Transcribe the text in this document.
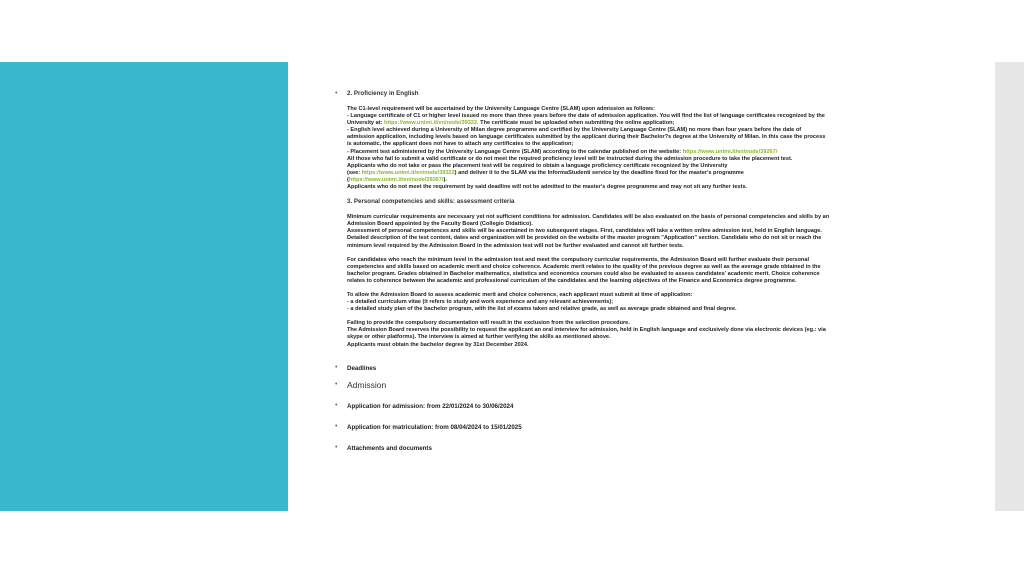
• 2. Proficiency in English
The C1-level requirement will be ascertained by the University Language Centre (SLAM) upon admission as follows:
- Language certificate of C1 or higher level issued no more than three years before the date of admission application. You will find the list of language certificates recognized by the
University at: https://www.unimi.it/en/node/39322. The certificate must be uploaded when submitting the online application;
- English level achieved during a University of Milan degree programme and certified by the University Language Centre (SLAM) no more than four years before the date of
admission application, including levels based on language certificates submitted by the applicant during their Bachelor?s degree at the University of Milan. In this case the process
is automatic, the applicant does not have to attach any certificates to the application;
- Placement test administered by the University Language Centre (SLAM) according to the calendar published on the website: https://www.unimi.it/en/node/39267/
All those who fail to submit a valid certificate or do not meet the required proficiency level will be instructed during the admission procedure to take the placement test.
Applicants who do not take or pass the placement test will be required to obtain a language proficiency certificate recognized by the University
(see: https://www.unimi.it/en/node/39322) and deliver it to the SLAM via the InformaStudenti service by the deadline fixed for the master's programme
(https://www.unimi.it/en/node/39267/).
Applicants who do not meet the requirement by said deadline will not be admitted to the master's degree programme and may not sit any further tests.
3. Personal competencies and skills: assessment criteria
Minimum curricular requirements are necessary yet not sufficient conditions for admission. Candidates will be also evaluated on the basis of personal competencies and skills by an
Admission Board appointed by the Faculty Board (Collegio Didattico).
Assessment of personal competences and skills will be ascertained in two subsequent stages. First, candidates will take a written online admission test, held in English language.
Detailed description of the test content, dates and organization will be provided on the website of the master program "Application" section. Candidate who do not sit or reach the
minimum level required by the Admission Board in the admission test will not be further evaluated and cannot sit further tests.
For candidates who reach the minimum level in the admission test and meet the compulsory curricular requirements, the Admission Board will further evaluate their personal
competencies and skills based on academic merit and choice coherence. Academic merit relates to the quality of the previous degree as well as the average grade obtained in the
bachelor program. Grades obtained in Bachelor mathematics, statistics and economics courses could also be evaluated to assess candidates' academic merit. Choice coherence
relates to coherence between the academic and professional curriculum of the candidates and the learning objectives of the Finance and Economics degree programme.
To allow the Admission Board to assess academic merit and choice coherence, each applicant must submit at time of application:
- a detailed curriculum vitae (it refers to study and work experience and any relevant achievements);
- a detailed study plan of the bachelor program, with the list of exams taken and relative grade, as well as average grade obtained and final degree.
Failing to provide the compulsory documentation will result in the exclusion from the selection procedure.
The Admission Board reserves the possibility to request the applicant an oral interview for admission, held in English language and exclusively done via electronic devices (eg.: via
skype or other platforms). The interview is aimed at further verifying the skills as mentioned above.
Applicants must obtain the bachelor degree by 31st December 2024.
• Deadlines
• Admission
• Application for admission: from 22/01/2024 to 30/06/2024
• Application for matriculation: from 08/04/2024 to 15/01/2025
• Attachments and documents
